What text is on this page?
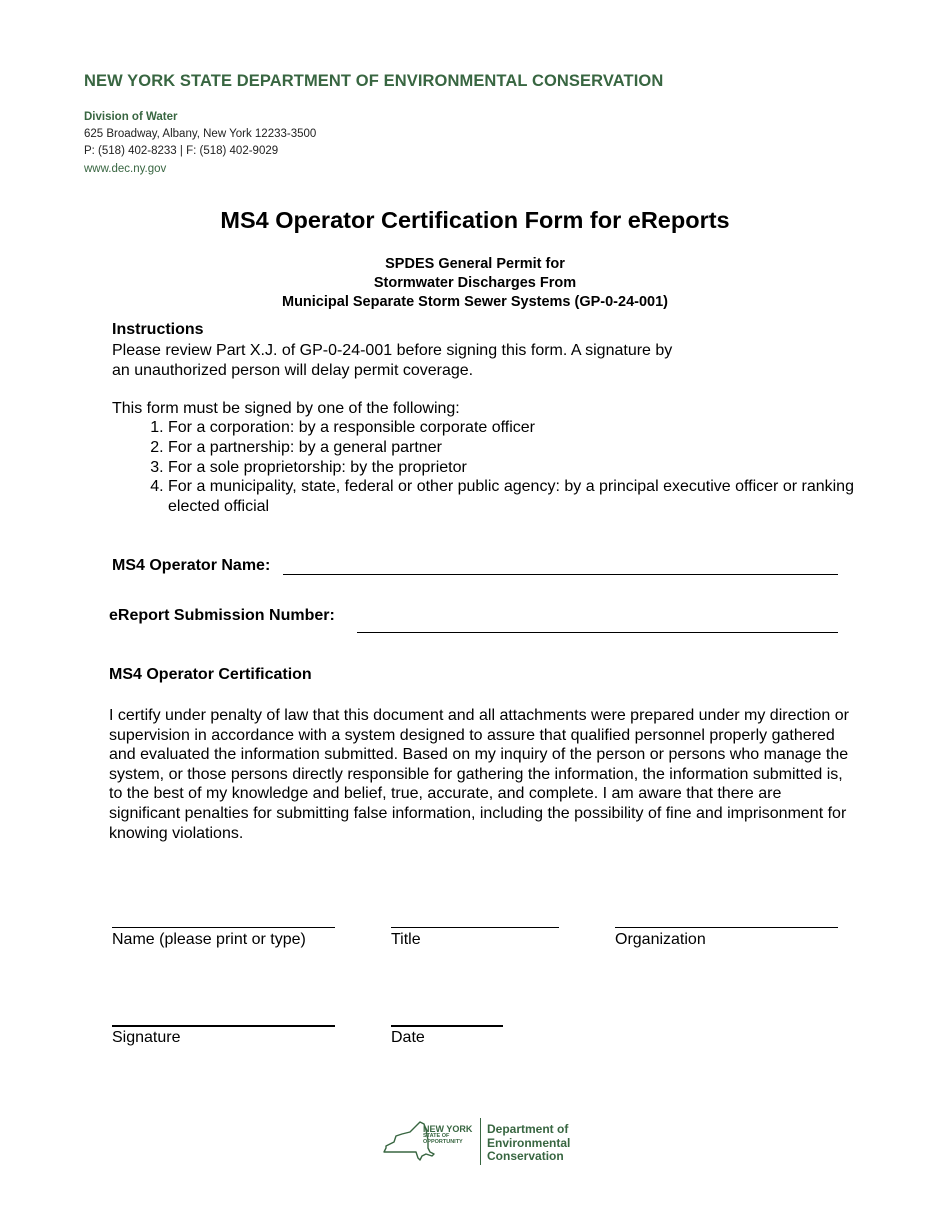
NEW YORK STATE DEPARTMENT OF ENVIRONMENTAL CONSERVATION
Division of Water
625 Broadway, Albany, New York 12233-3500
P: (518) 402-8233 | F: (518) 402-9029
www.dec.ny.gov
MS4 Operator Certification Form for eReports
SPDES General Permit for
Stormwater Discharges From
Municipal Separate Storm Sewer Systems (GP-0-24-001)
Instructions
Please review Part X.J. of GP-0-24-001 before signing this form. A signature by
an unauthorized person will delay permit coverage.
This form must be signed by one of the following:
1. For a corporation: by a responsible corporate officer
2. For a partnership: by a general partner
3. For a sole proprietorship: by the proprietor
4. For a municipality, state, federal or other public agency: by a principal executive officer or ranking elected official
MS4 Operator Name:
eReport Submission Number:
MS4 Operator Certification
I certify under penalty of law that this document and all attachments were prepared under my direction or supervision in accordance with a system designed to assure that qualified personnel properly gathered and evaluated the information submitted. Based on my inquiry of the person or persons who manage the system, or those persons directly responsible for gathering the information, the information submitted is, to the best of my knowledge and belief, true, accurate, and complete. I am aware that there are significant penalties for submitting false information, including the possibility of fine and imprisonment for knowing violations.
Name (please print or type)	Title	Organization
Signature	Date
NEW YORK
STATE OF
OPPORTUNITY
Department of
Environmental
Conservation
